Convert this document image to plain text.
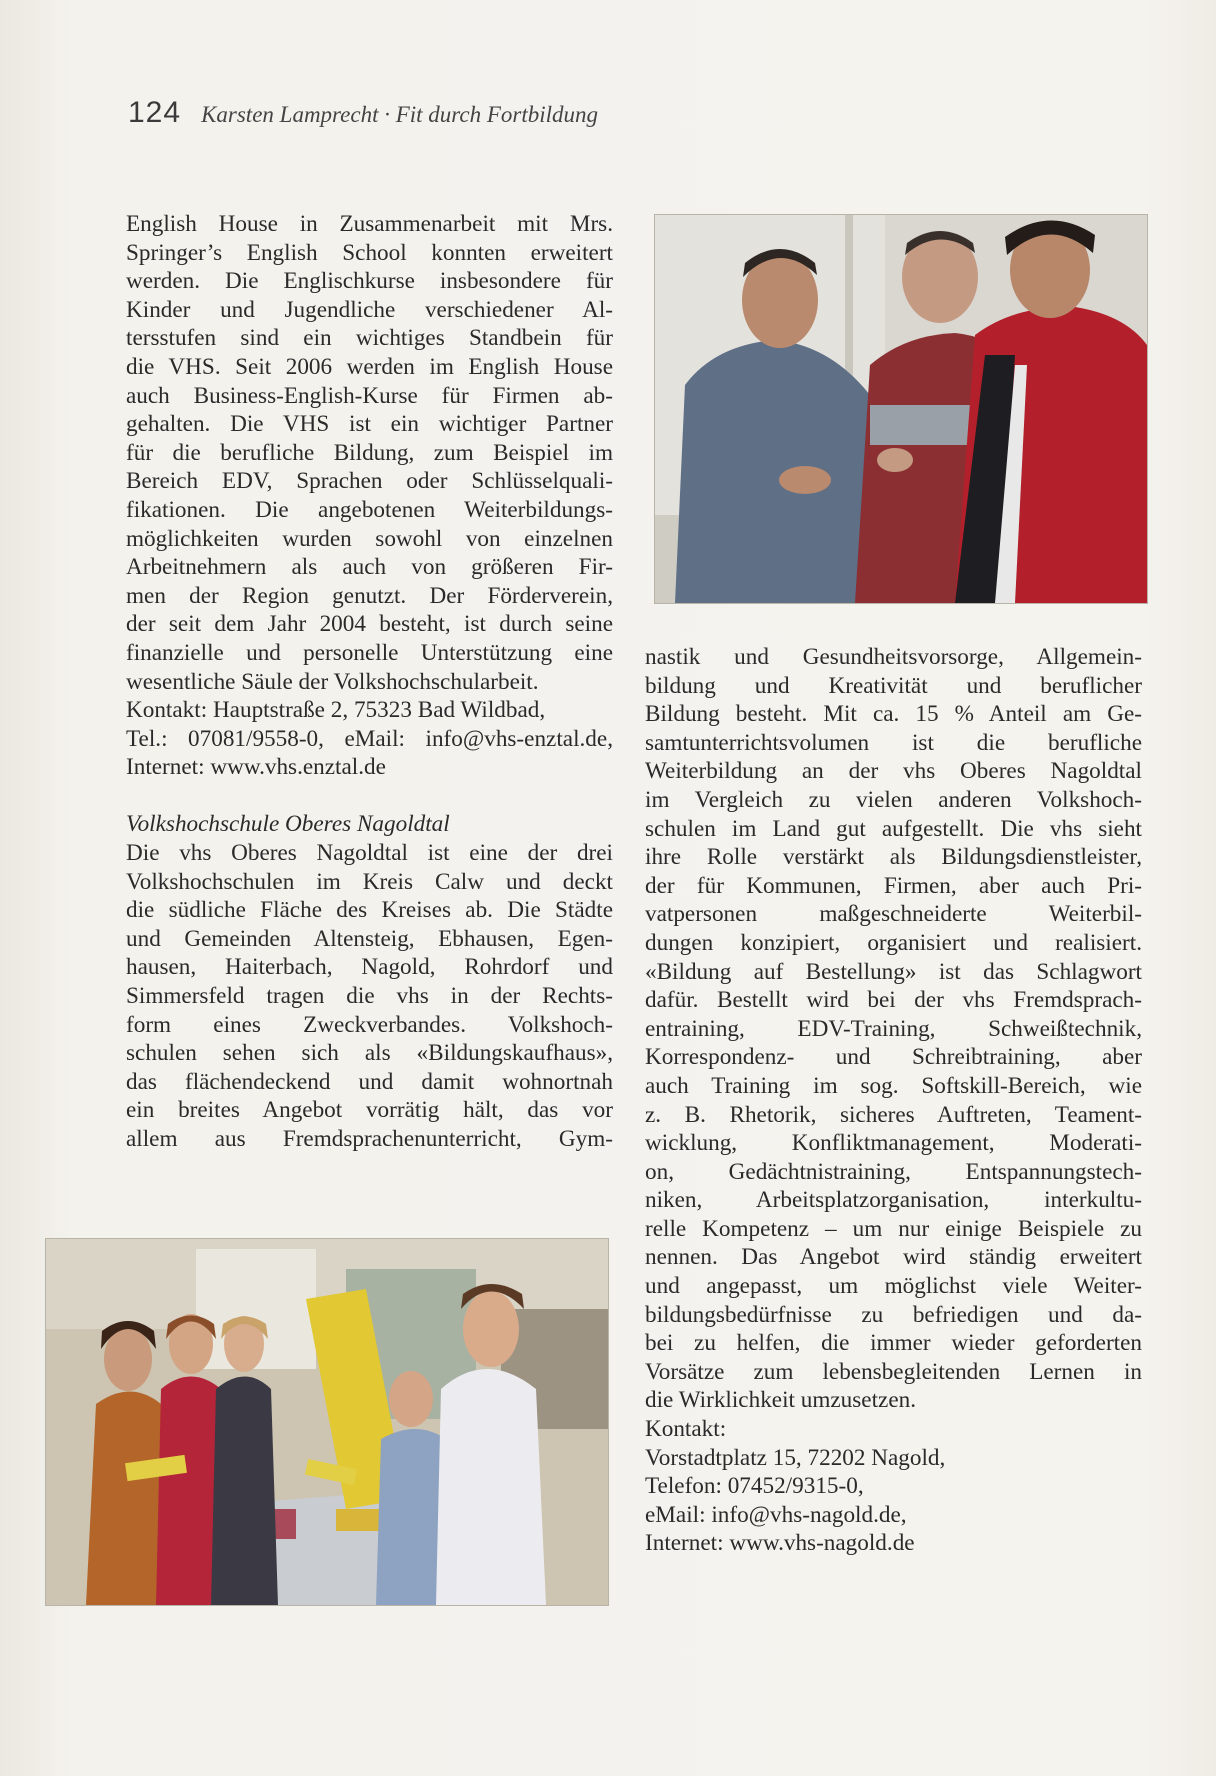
124 Karsten Lamprecht · Fit durch Fortbildung
English House in Zusammenarbeit mit Mrs.
Springer’s English School konnten erweitert
werden. Die Englischkurse insbesondere für
Kinder und Jugendliche verschiedener Al-
tersstufen sind ein wichtiges Standbein für
die VHS. Seit 2006 werden im English House
auch Business-English-Kurse für Firmen ab-
gehalten. Die VHS ist ein wichtiger Partner
für die berufliche Bildung, zum Beispiel im
Bereich EDV, Sprachen oder Schlüsselquali-
fikationen. Die angebotenen Weiterbildungs-
möglichkeiten wurden sowohl von einzelnen
Arbeitnehmern als auch von größeren Fir-
men der Region genutzt. Der Förderverein,
der seit dem Jahr 2004 besteht, ist durch seine
finanzielle und personelle Unterstützung eine
wesentliche Säule der Volkshochschularbeit.
Kontakt: Hauptstraße 2, 75323 Bad Wildbad,
Tel.: 07081/9558-0, eMail: info@vhs-enztal.de,
Internet: www.vhs.enztal.de
Volkshochschule Oberes Nagoldtal
Die vhs Oberes Nagoldtal ist eine der drei
Volkshochschulen im Kreis Calw und deckt
die südliche Fläche des Kreises ab. Die Städte
und Gemeinden Altensteig, Ebhausen, Egen-
hausen, Haiterbach, Nagold, Rohrdorf und
Simmersfeld tragen die vhs in der Rechts-
form eines Zweckverbandes. Volkshoch-
schulen sehen sich als «Bildungskaufhaus»,
das flächendeckend und damit wohnortnah
ein breites Angebot vorrätig hält, das vor
allem aus Fremdsprachenunterricht, Gym-
nastik und Gesundheitsvorsorge, Allgemein-
bildung und Kreativität und beruflicher
Bildung besteht. Mit ca. 15 % Anteil am Ge-
samtunterrichtsvolumen ist die berufliche
Weiterbildung an der vhs Oberes Nagoldtal
im Vergleich zu vielen anderen Volkshoch-
schulen im Land gut aufgestellt. Die vhs sieht
ihre Rolle verstärkt als Bildungsdienstleister,
der für Kommunen, Firmen, aber auch Pri-
vatpersonen maßgeschneiderte Weiterbil-
dungen konzipiert, organisiert und realisiert.
«Bildung auf Bestellung» ist das Schlagwort
dafür. Bestellt wird bei der vhs Fremdsprach-
entraining, EDV-Training, Schweißtechnik,
Korrespondenz- und Schreibtraining, aber
auch Training im sog. Softskill-Bereich, wie
z. B. Rhetorik, sicheres Auftreten, Teament-
wicklung, Konfliktmanagement, Moderati-
on, Gedächtnistraining, Entspannungstech-
niken, Arbeitsplatzorganisation, interkultu-
relle Kompetenz – um nur einige Beispiele zu
nennen. Das Angebot wird ständig erweitert
und angepasst, um möglichst viele Weiter-
bildungsbedürfnisse zu befriedigen und da-
bei zu helfen, die immer wieder geforderten
Vorsätze zum lebensbegleitenden Lernen in
die Wirklichkeit umzusetzen.
Kontakt:
Vorstadtplatz 15, 72202 Nagold,
Telefon: 07452/9315-0,
eMail: info@vhs-nagold.de,
Internet: www.vhs-nagold.de
